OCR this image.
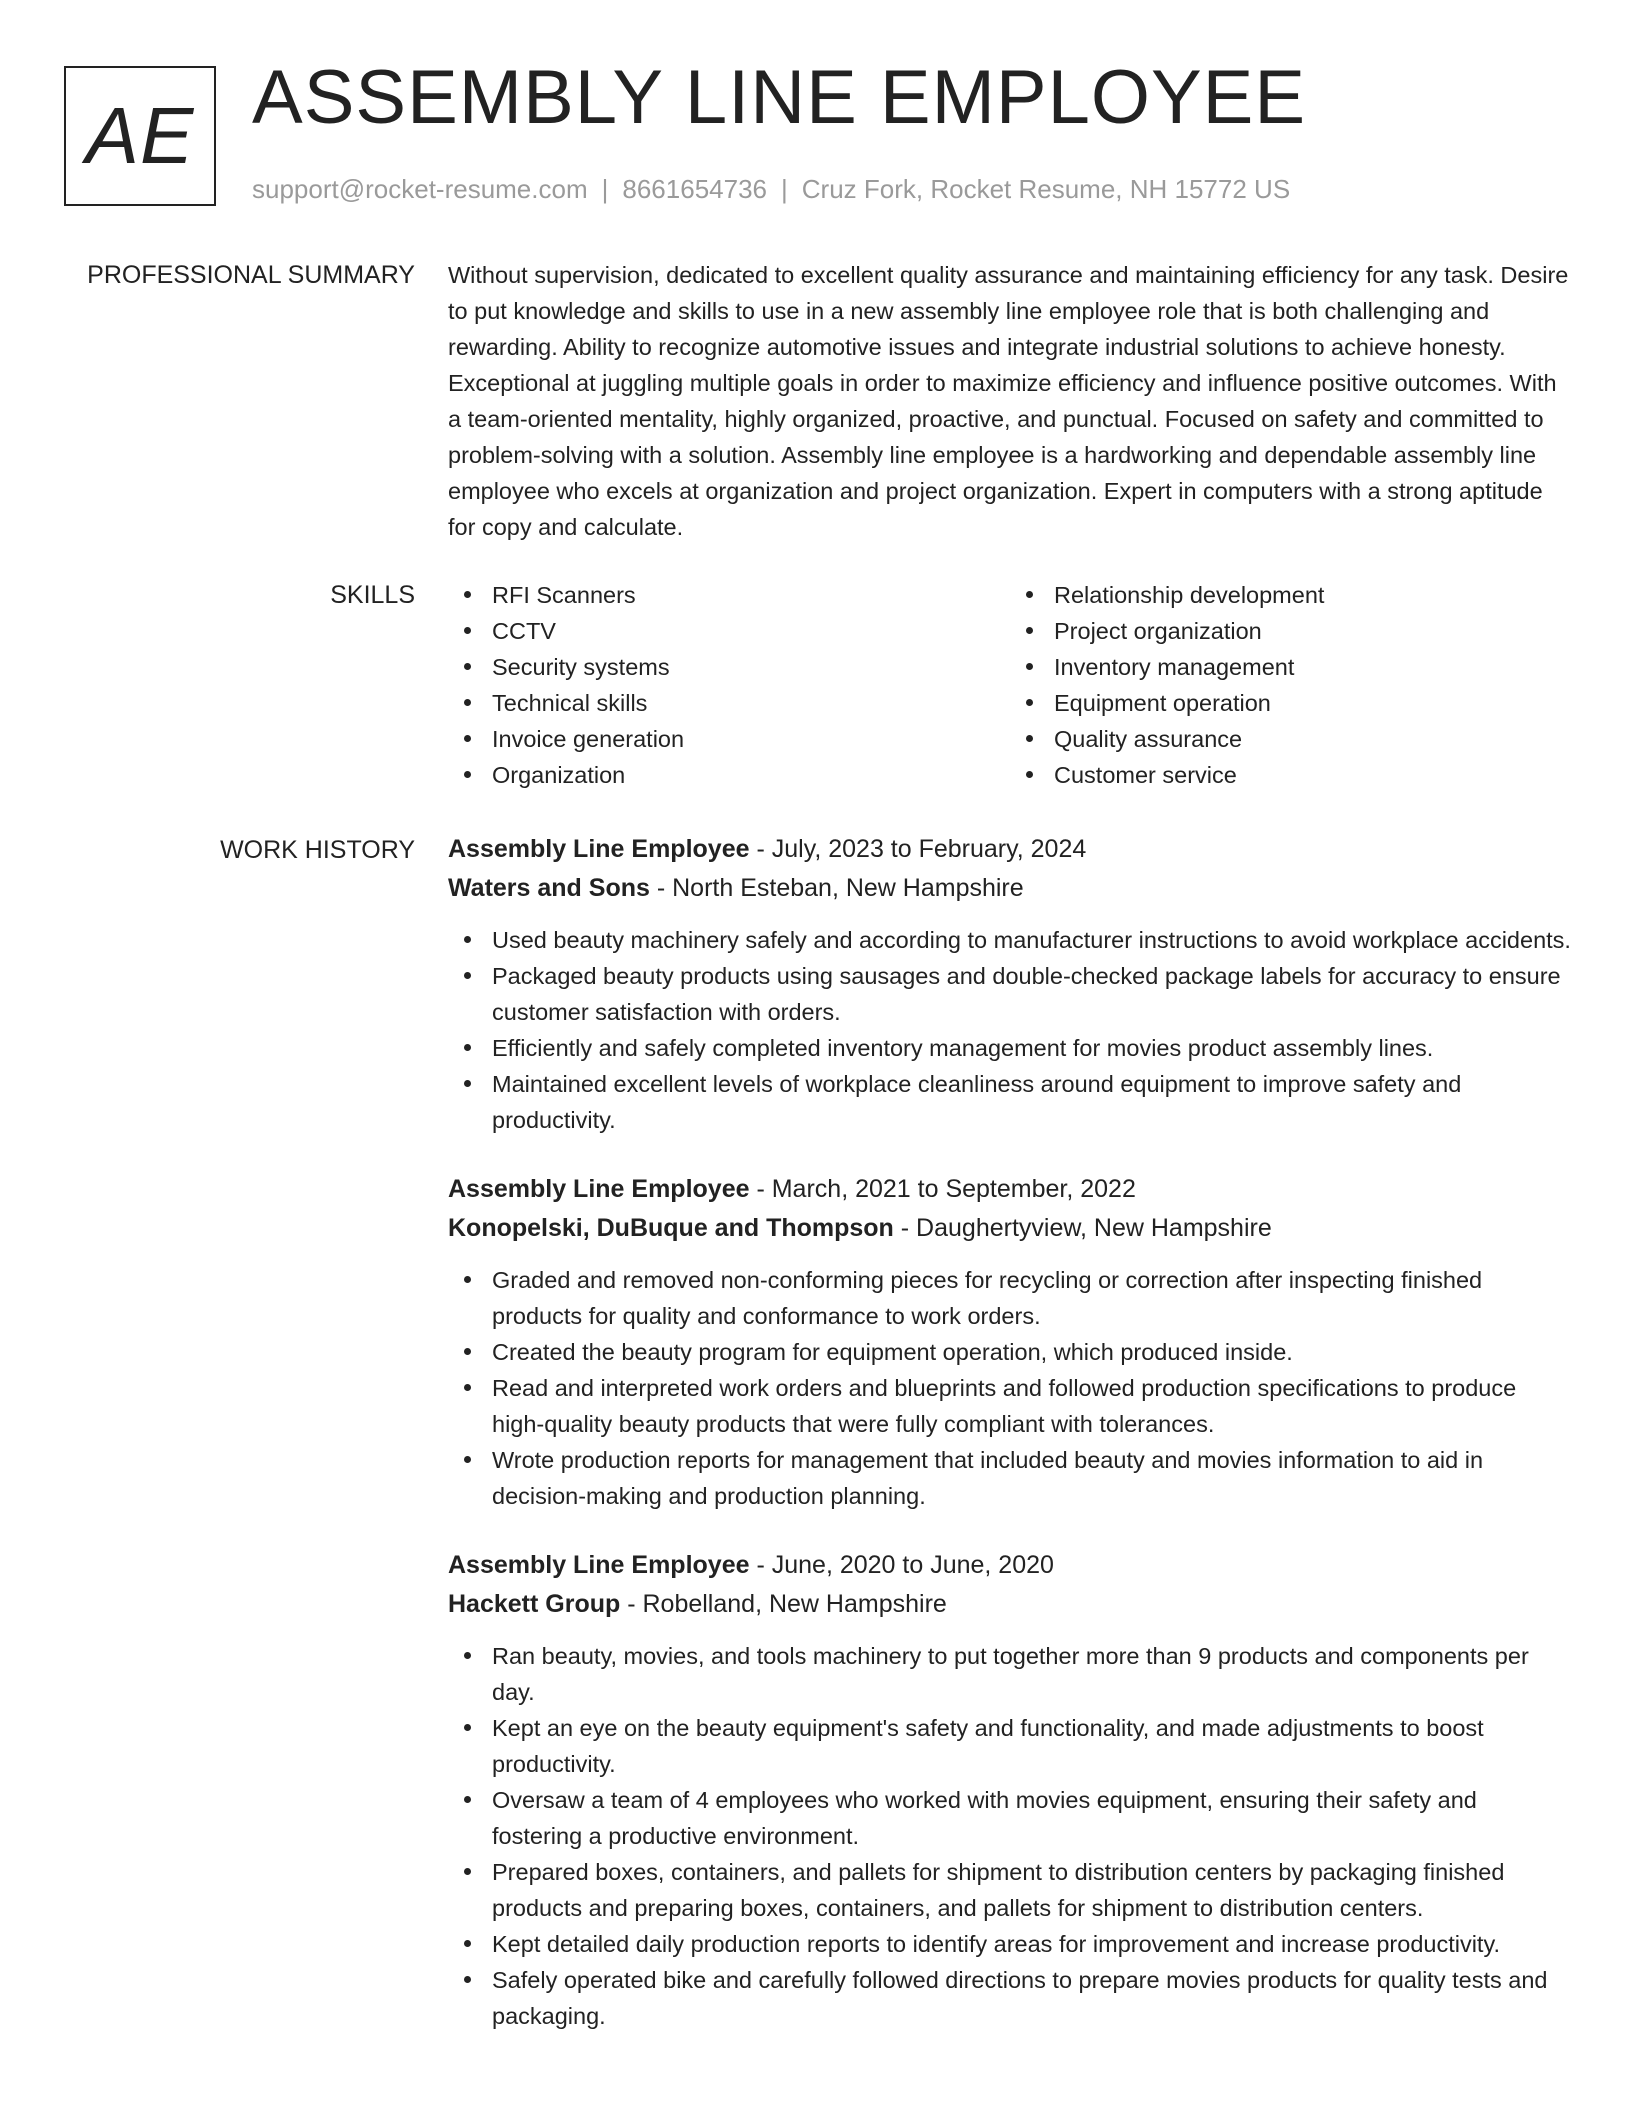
AE ASSEMBLY LINE EMPLOYEE
support@rocket-resume.com | 8661654736 | Cruz Fork, Rocket Resume, NH 15772 US
PROFESSIONAL SUMMARY Without supervision, dedicated to excellent quality assurance and maintaining efficiency for any task. Desire to put knowledge and skills to use in a new assembly line employee role that is both challenging and rewarding. Ability to recognize automotive issues and integrate industrial solutions to achieve honesty. Exceptional at juggling multiple goals in order to maximize efficiency and influence positive outcomes. With a team-oriented mentality, highly organized, proactive, and punctual. Focused on safety and committed to problem-solving with a solution. Assembly line employee is a hardworking and dependable assembly line employee who excels at organization and project organization. Expert in computers with a strong aptitude for copy and calculate.

SKILLS	RFI Scanners
CCTV
Security systems
Technical skills
Invoice generation
Organization
Relationship development
Project organization
Inventory management
Equipment operation
Quality assurance
Customer service
WORK HISTORY Assembly Line Employee - July, 2023 to February, 2024
Waters and Sons - North Esteban, New Hampshire
Used beauty machinery safely and according to manufacturer instructions to avoid workplace accidents.
Packaged beauty products using sausages and double-checked package labels for accuracy to ensure customer satisfaction with orders.
Efficiently and safely completed inventory management for movies product assembly lines.
Maintained excellent levels of workplace cleanliness around equipment to improve safety and productivity.
Assembly Line Employee - March, 2021 to September, 2022
Konopelski, DuBuque and Thompson - Daughertyview, New Hampshire
Graded and removed non-conforming pieces for recycling or correction after inspecting finished products for quality and conformance to work orders.
Created the beauty program for equipment operation, which produced inside.
Read and interpreted work orders and blueprints and followed production specifications to produce high-quality beauty products that were fully compliant with tolerances.
Wrote production reports for management that included beauty and movies information to aid in decision-making and production planning.
Assembly Line Employee - June, 2020 to June, 2020
Hackett Group - Robelland, New Hampshire
Ran beauty, movies, and tools machinery to put together more than 9 products and components per day.
Kept an eye on the beauty equipment's safety and functionality, and made adjustments to boost productivity.
Oversaw a team of 4 employees who worked with movies equipment, ensuring their safety and fostering a productive environment.
Prepared boxes, containers, and pallets for shipment to distribution centers by packaging finished products and preparing boxes, containers, and pallets for shipment to distribution centers.
Kept detailed daily production reports to identify areas for improvement and increase productivity.
Safely operated bike and carefully followed directions to prepare movies products for quality tests and packaging.
